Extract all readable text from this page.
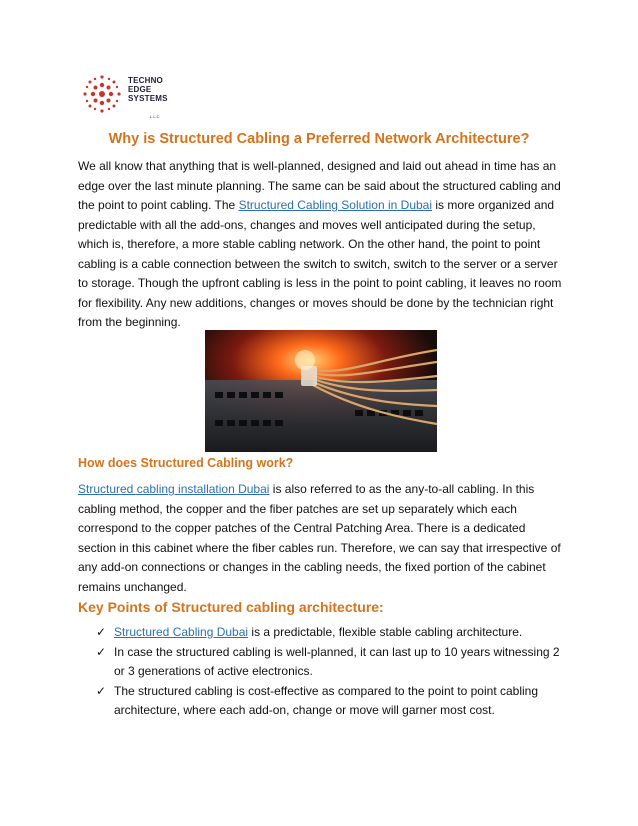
TECHNO
EDGE
SYSTEMS
L.L.C
Why is Structured Cabling a Preferred Network Architecture?

We all know that anything that is well-planned, designed and laid out ahead in time has an edge over the last minute planning. The same can be said about the structured cabling and the point to point cabling. The Structured Cabling Solution in Dubai is more organized and predictable with all the add-ons, changes and moves well anticipated during the setup, which is, therefore, a more stable cabling network. On the other hand, the point to point cabling is a cable connection between the switch to switch, switch to the server or a server to storage. Though the upfront cabling is less in the point to point cabling, it leaves no room for flexibility. Any new additions, changes or moves should be done by the technician right from the beginning.

How does Structured Cabling work?

Structured cabling installation Dubai is also referred to as the any-to-all cabling. In this cabling method, the copper and the fiber patches are set up separately which each correspond to the copper patches of the Central Patching Area. There is a dedicated section in this cabinet where the fiber cables run. Therefore, we can say that irrespective of any add-on connections or changes in the cabling needs, the fixed portion of the cabinet remains unchanged.

Key Points of Structured cabling architecture:
✓ Structured Cabling Dubai is a predictable, flexible stable cabling architecture.
✓ In case the structured cabling is well-planned, it can last up to 10 years witnessing 2 or 3 generations of active electronics.
✓ The structured cabling is cost-effective as compared to the point to point cabling architecture, where each add-on, change or move will garner most cost.
